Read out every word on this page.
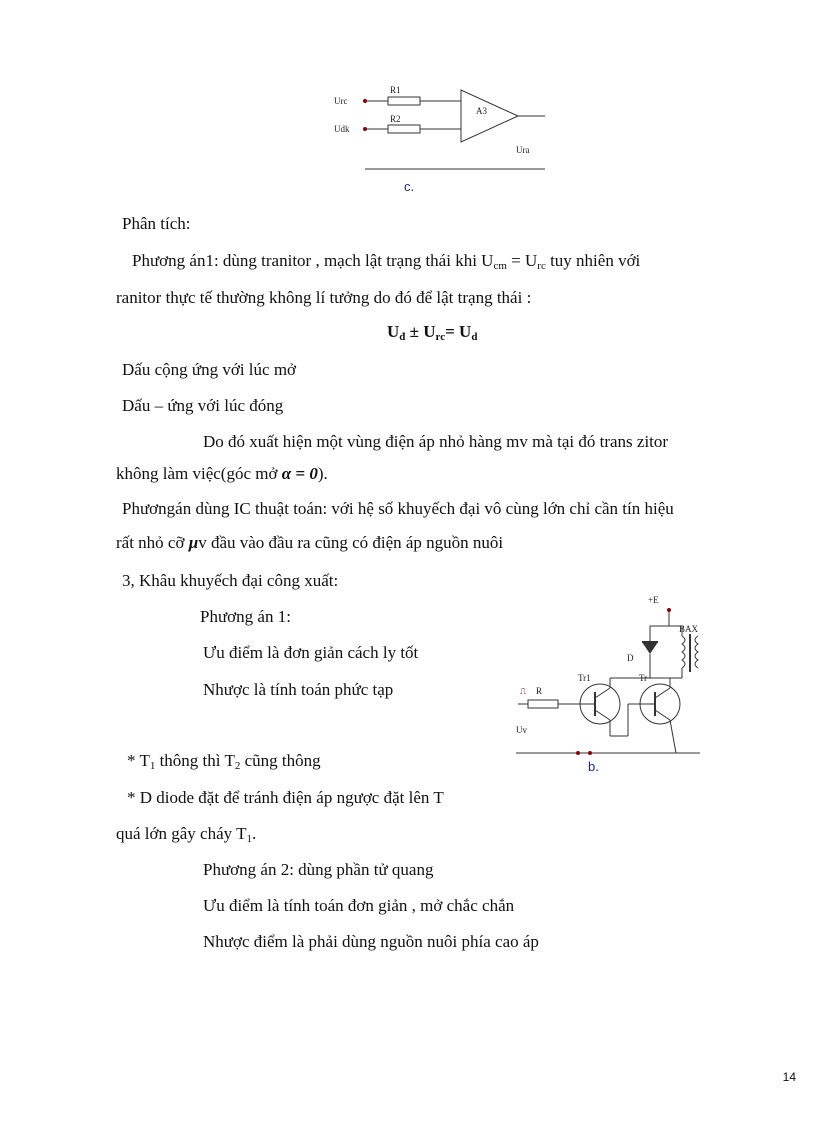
Urc
Udk
R1
R2
A3
Ura
c.
Phân tích:
Phương án1: dùng tranitor , mạch lật trạng thái khi $U_{cm} = U_{rc}$ tuy nhiên với
ranitor thực tế thường không lí tưởng do đó để lật trạng thái :
$U_đ \pm U_{rc}= U_d$
Dấu cộng ứng với lúc mở
Dấu – ứng với lúc đóng
Do đó xuất hiện một vùng điện áp nhỏ hàng mv mà tại đó trans zitor
không làm việc(góc mở α = 0).
Phươngán dùng IC thuật toán: với hệ số khuyếch đại vô cùng lớn chỉ cần tín hiệu
rất nhỏ cỡ μv đầu vào đầu ra cũng có điện áp nguồn nuôi
3, Khâu khuyếch đại công xuất:
Phương án 1:
Ưu điểm là đơn giản cách ly tốt
Nhược là tính toán phức tạp
* $T_1$ thông thì $T_2$ cũng thông
* D diode đặt để tránh điện áp ngược đặt lên T
quá lớn gây cháy $T_1$.
Phương án 2: dùng phần tử quang
Ưu điểm là tính toán đơn giản , mở chắc chắn
Nhược điểm là phải dùng nguồn nuôi phía cao áp
+E
BAX
D
Tr1	Tr
⎍ R
Uv
b.
14
